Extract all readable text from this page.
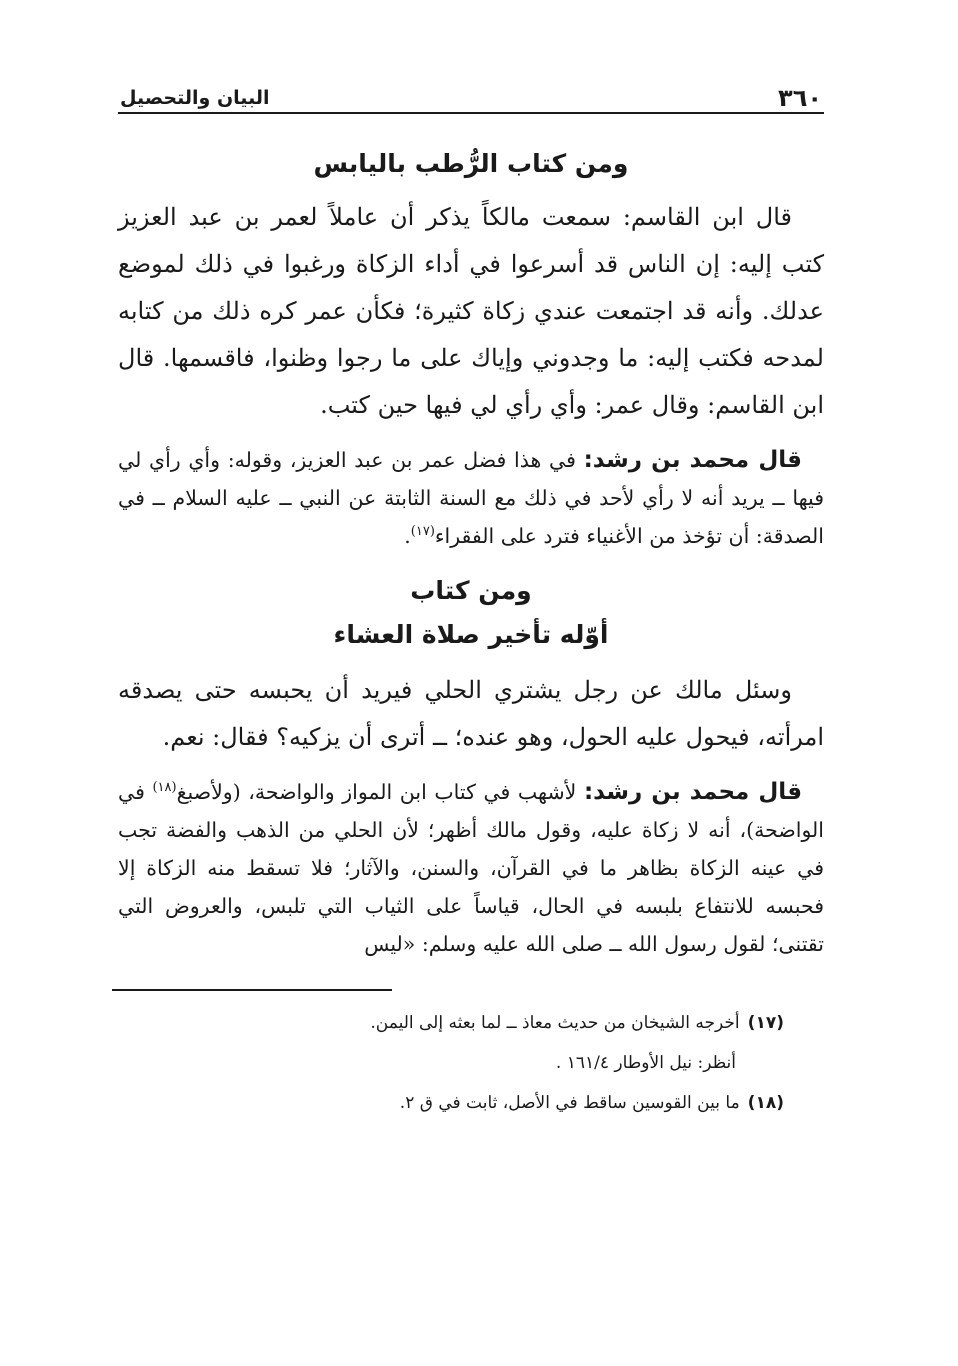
٣٦٠
البيان والتحصيل
ومن كتاب الرُّطب باليابس

قال ابن القاسم: سمعت مالكاً يذكر أن عاملاً لعمر بن عبد العزيز كتب إليه: إن الناس قد أسرعوا في أداء الزكاة ورغبوا في ذلك لموضع عدلك. وأنه قد اجتمعت عندي زكاة كثيرة؛ فكأن عمر كره ذلك من كتابه لمدحه فكتب إليه: ما وجدوني وإياك على ما رجوا وظنوا، فاقسمها. قال ابن القاسم: وقال عمر: وأي رأي لي فيها حين كتب.

قال محمد بن رشد: في هذا فضل عمر بن عبد العزيز، وقوله: وأي رأي لي فيها ــ يريد أنه لا رأي لأحد في ذلك مع السنة الثابتة عن النبي ــ عليه السلام ــ في الصدقة: أن تؤخذ من الأغنياء فترد على الفقراء$^{(١٧)}$.

ومن كتاب
أوّله تأخير صلاة العشاء

وسئل مالك عن رجل يشتري الحلي فيريد أن يحبسه حتى يصدقه امرأته، فيحول عليه الحول، وهو عنده؛ ــ أترى أن يزكيه؟ فقال: نعم.

قال محمد بن رشد: لأشهب في كتاب ابن المواز والواضحة، (ولأصبغ$^{(١٨)}$ في الواضحة)، أنه لا زكاة عليه، وقول مالك أظهر؛ لأن الحلي من الذهب والفضة تجب في عينه الزكاة بظاهر ما في القرآن، والسنن، والآثار؛ فلا تسقط منه الزكاة إلا فحبسه للانتفاع بلبسه في الحال، قياساً على الثياب التي تلبس، والعروض التي تقتنى؛ لقول رسول الله ــ صلى الله عليه وسلم: «ليس

(١٧)أخرجه الشيخان من حديث معاذ ــ لما بعثه إلى اليمن.

أنظر: نيل الأوطار ١٦١/٤ .

(١٨)ما بين القوسين ساقط في الأصل، ثابت في ق ٢.
